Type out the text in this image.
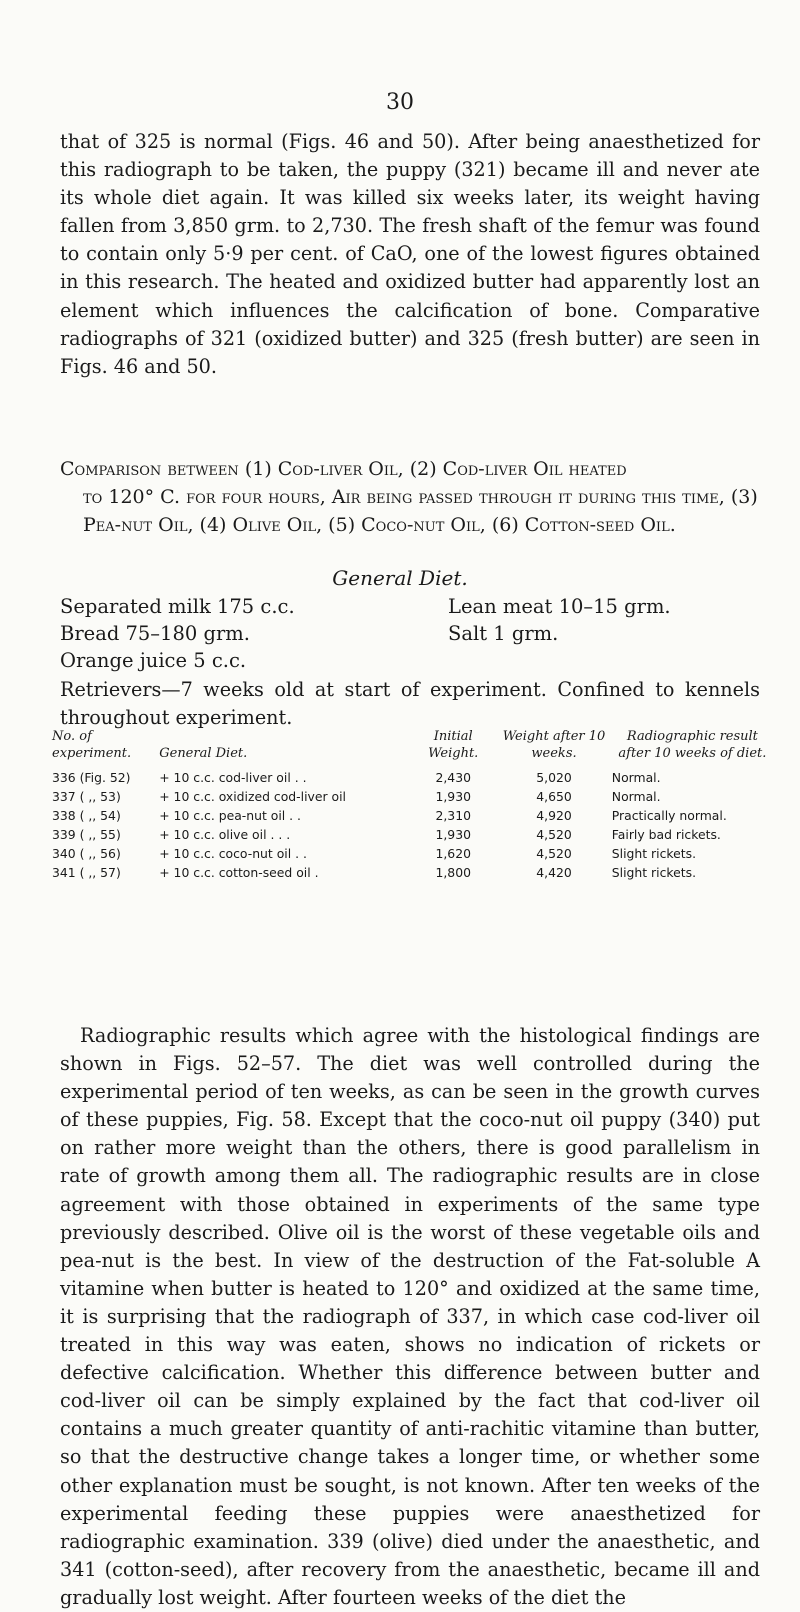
30

that of 325 is normal (Figs. 46 and 50). After being anaesthetized for this radiograph to be taken, the puppy (321) became ill and never ate its whole diet again. It was killed six weeks later, its weight having fallen from 3,850 grm. to 2,730. The fresh shaft of the femur was found to contain only 5·9 per cent. of CaO, one of the lowest figures obtained in this research. The heated and oxidized butter had apparently lost an element which influences the calcification of bone. Comparative radiographs of 321 (oxidized butter) and 325 (fresh butter) are seen in Figs. 46 and 50.

Comparison between (1) Cod-liver Oil, (2) Cod-liver Oil heated
to 120° C. for four hours, Air being passed through it during this time, (3) Pea-nut Oil, (4) Olive Oil, (5) Coco-nut Oil, (6) Cotton-seed Oil.
General Diet.
Separated milk 175 c.c.	Lean meat 10–15 grm.
Bread 75–180 grm.	Salt 1 grm.
Orange juice 5 c.c.

Retrievers—7 weeks old at start of experiment. Confined to kennels throughout experiment.

No. of experiment.	General Diet.	Initial Weight.	Weight after 10 weeks.	Radiographic result after 10 weeks of diet.
336 (Fig. 52)	+ 10 c.c. cod-liver oil . .	2,430	5,020	Normal.
337 ( ,, 53)	+ 10 c.c. oxidized cod-liver oil	1,930	4,650	Normal.
338 ( ,, 54)	+ 10 c.c. pea-nut oil . .	2,310	4,920	Practically normal.
339 ( ,, 55)	+ 10 c.c. olive oil . . .	1,930	4,520	Fairly bad rickets.
340 ( ,, 56)	+ 10 c.c. coco-nut oil . .	1,620	4,520	Slight rickets.
341 ( ,, 57)	+ 10 c.c. cotton-seed oil .	1,800	4,420	Slight rickets.

Radiographic results which agree with the histological findings are shown in Figs. 52–57. The diet was well controlled during the experimental period of ten weeks, as can be seen in the growth curves of these puppies, Fig. 58. Except that the coco-nut oil puppy (340) put on rather more weight than the others, there is good parallelism in rate of growth among them all. The radiographic results are in close agreement with those obtained in experiments of the same type previously described. Olive oil is the worst of these vegetable oils and pea-nut is the best. In view of the destruction of the Fat-soluble A vitamine when butter is heated to 120° and oxidized at the same time, it is surprising that the radiograph of 337, in which case cod-liver oil treated in this way was eaten, shows no indication of rickets or defective calcification. Whether this difference between butter and cod-liver oil can be simply explained by the fact that cod-liver oil contains a much greater quantity of anti-rachitic vitamine than butter, so that the destructive change takes a longer time, or whether some other explanation must be sought, is not known. After ten weeks of the experimental feeding these puppies were anaesthetized for radiographic examination. 339 (olive) died under the anaesthetic, and 341 (cotton-seed), after recovery from the anaesthetic, became ill and gradually lost weight. After fourteen weeks of the diet the
